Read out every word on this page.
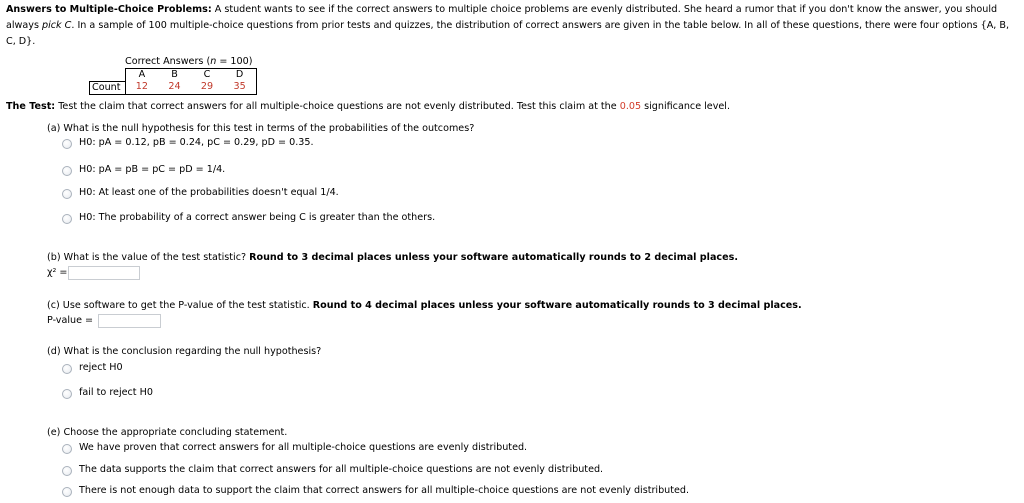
Answers to Multiple-Choice Problems: A student wants to see if the correct answers to multiple choice problems are evenly distributed. She heard a rumor that if you don't know the answer, you should always pick C. In a sample of 100 multiple-choice questions from prior tests and quizzes, the distribution of correct answers are given in the table below. In all of these questions, there were four options {A, B, C, D}.
	Correct Answers (n = 100)			
	A	B	C	D
Count	12	24	29	35
The Test: Test the claim that correct answers for all multiple-choice questions are not evenly distributed. Test this claim at the 0.05 significance level.
(a) What is the null hypothesis for this test in terms of the probabilities of the outcomes?
H0: pA = 0.12, pB = 0.24, pC = 0.29, pD = 0.35.
H0: pA = pB = pC = pD = 1/4.
H0: At least one of the probabilities doesn't equal 1/4.
H0: The probability of a correct answer being C is greater than the others.
(b) What is the value of the test statistic? Round to 3 decimal places unless your software automatically rounds to 2 decimal places.
χ² =
(c) Use software to get the P-value of the test statistic. Round to 4 decimal places unless your software automatically rounds to 3 decimal places.
P-value =
(d) What is the conclusion regarding the null hypothesis?
reject H0
fail to reject H0
(e) Choose the appropriate concluding statement.
We have proven that correct answers for all multiple-choice questions are evenly distributed.
The data supports the claim that correct answers for all multiple-choice questions are not evenly distributed.
There is not enough data to support the claim that correct answers for all multiple-choice questions are not evenly distributed.
